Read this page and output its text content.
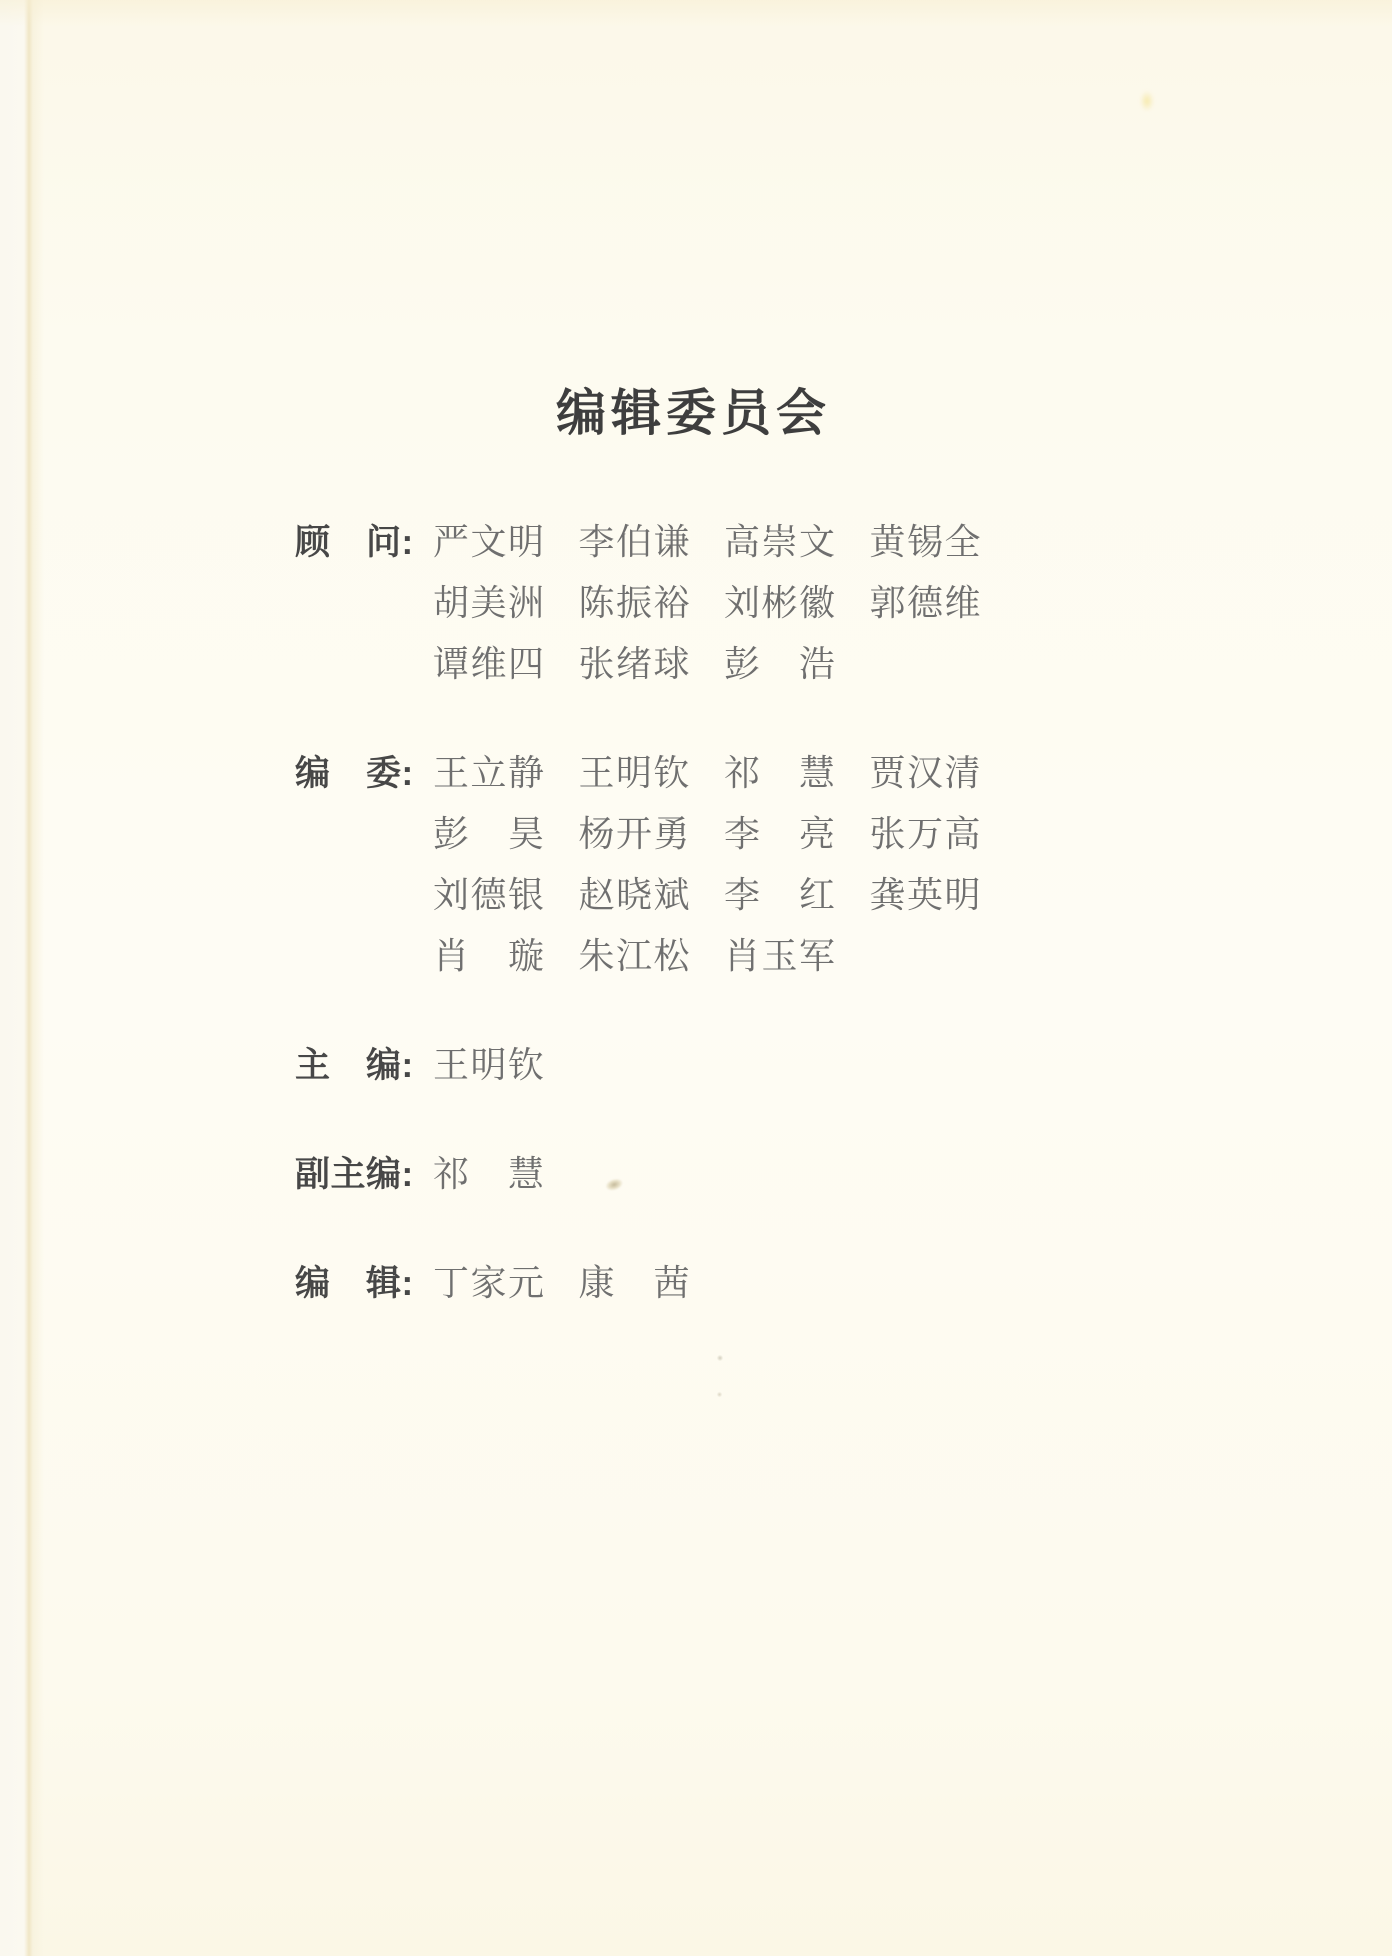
编辑委员会
顾　问: 严文明 李伯谦 高崇文 黄锡全
胡美洲 陈振裕 刘彬徽 郭德维
谭维四 张绪球 彭　浩
编　委: 王立静 王明钦 祁　慧 贾汉清
彭　昊 杨开勇 李　亮 张万高
刘德银 赵晓斌 李　红 龚英明
肖　璇 朱江松 肖玉军
主　编: 王明钦
副主编: 祁　慧
编　辑: 丁家元 康　茜
